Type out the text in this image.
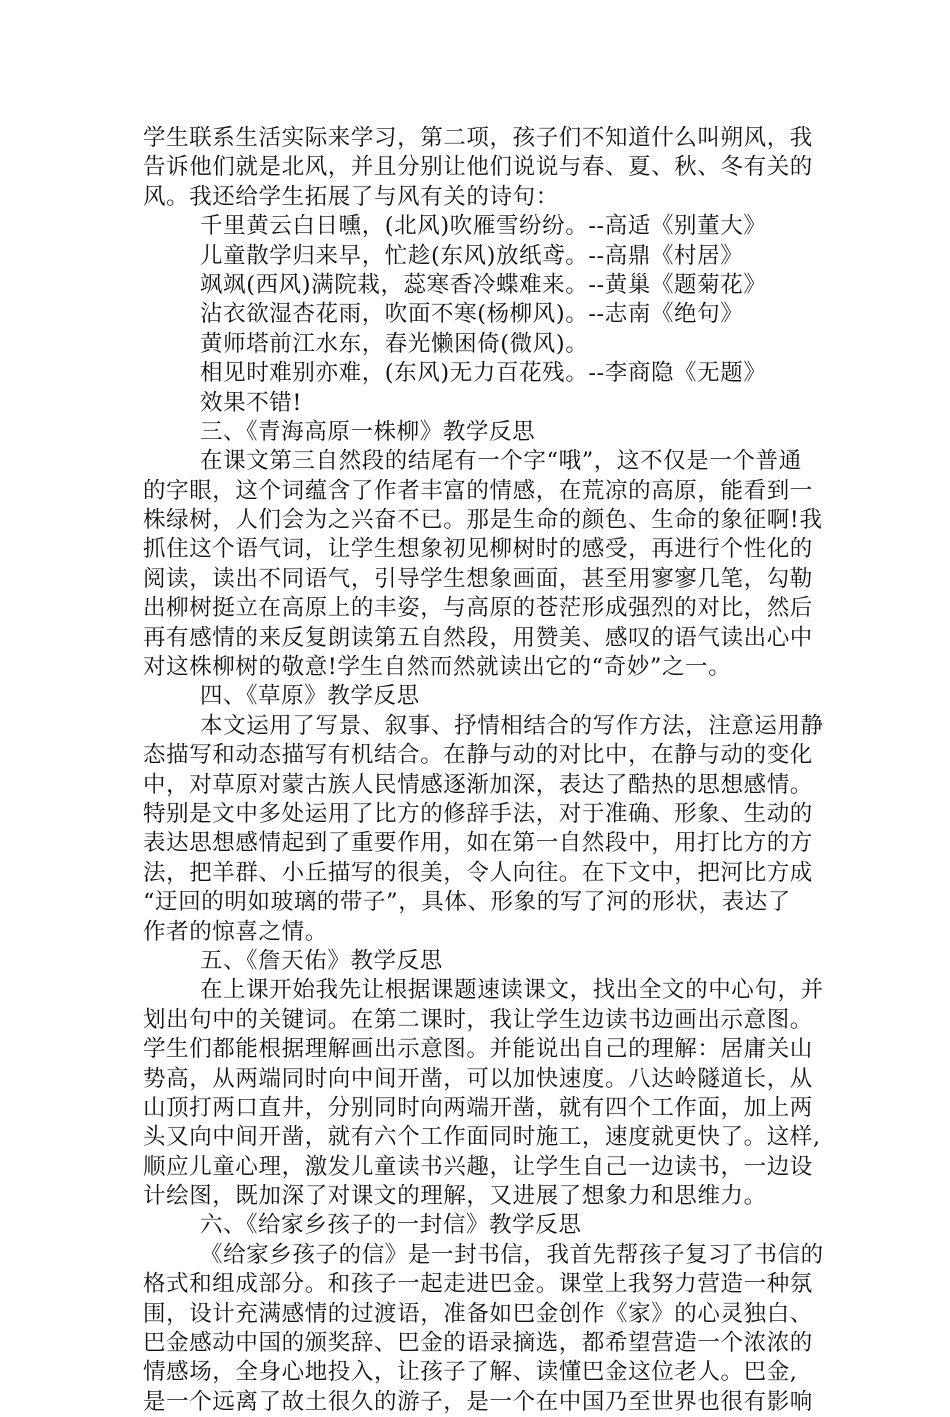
学生联系生活实际来学习，第二项，孩子们不知道什么叫朔风，我
告诉他们就是北风，并且分别让他们说说与春、夏、秋、冬有关的
风。我还给学生拓展了与风有关的诗句：
千里黄云白日曛，(北风)吹雁雪纷纷。--高适《别董大》
儿童散学归来早，忙趁(东风)放纸鸢。--高鼎《村居》
飒飒(西风)满院栽，蕊寒香冷蝶难来。--黄巢《题菊花》
沾衣欲湿杏花雨，吹面不寒(杨柳风)。--志南《绝句》
黄师塔前江水东，春光懒困倚(微风)。
相见时难别亦难，(东风)无力百花残。--李商隐《无题》
效果不错!
三、《青海高原一株柳》教学反思
在课文第三自然段的结尾有一个字“哦”，这不仅是一个普通
的字眼，这个词蕴含了作者丰富的情感，在荒凉的高原，能看到一
株绿树，人们会为之兴奋不已。那是生命的颜色、生命的象征啊!我
抓住这个语气词，让学生想象初见柳树时的感受，再进行个性化的
阅读，读出不同语气，引导学生想象画面，甚至用寥寥几笔，勾勒
出柳树挺立在高原上的丰姿，与高原的苍茫形成强烈的对比，然后
再有感情的来反复朗读第五自然段，用赞美、感叹的语气读出心中
对这株柳树的敬意!学生自然而然就读出它的“奇妙”之一。
四、《草原》教学反思
本文运用了写景、叙事、抒情相结合的写作方法，注意运用静
态描写和动态描写有机结合。在静与动的对比中，在静与动的变化
中，对草原对蒙古族人民情感逐渐加深，表达了酷热的思想感情。
特别是文中多处运用了比方的修辞手法，对于准确、形象、生动的
表达思想感情起到了重要作用，如在第一自然段中，用打比方的方
法，把羊群、小丘描写的很美，令人向往。在下文中，把河比方成
“迂回的明如玻璃的带子”，具体、形象的写了河的形状，表达了
作者的惊喜之情。
五、《詹天佑》教学反思
在上课开始我先让根据课题速读课文，找出全文的中心句，并
划出句中的关键词。在第二课时，我让学生边读书边画出示意图。
学生们都能根据理解画出示意图。并能说出自己的理解：居庸关山
势高，从两端同时向中间开凿，可以加快速度。八达岭隧道长，从
山顶打两口直井，分别同时向两端开凿，就有四个工作面，加上两
头又向中间开凿，就有六个工作面同时施工，速度就更快了。这样,
顺应儿童心理，激发儿童读书兴趣，让学生自己一边读书，一边设
计绘图，既加深了对课文的理解，又进展了想象力和思维力。
六、《给家乡孩子的一封信》教学反思
《给家乡孩子的信》是一封书信，我首先帮孩子复习了书信的
格式和组成部分。和孩子一起走进巴金。课堂上我努力营造一种氛
围，设计充满感情的过渡语，准备如巴金创作《家》的心灵独白、
巴金感动中国的颁奖辞、巴金的语录摘选，都希望营造一个浓浓的
情感场，全身心地投入，让孩子了解、读懂巴金这位老人。巴金,
是一个远离了故土很久的游子，是一个在中国乃至世界也很有影响
